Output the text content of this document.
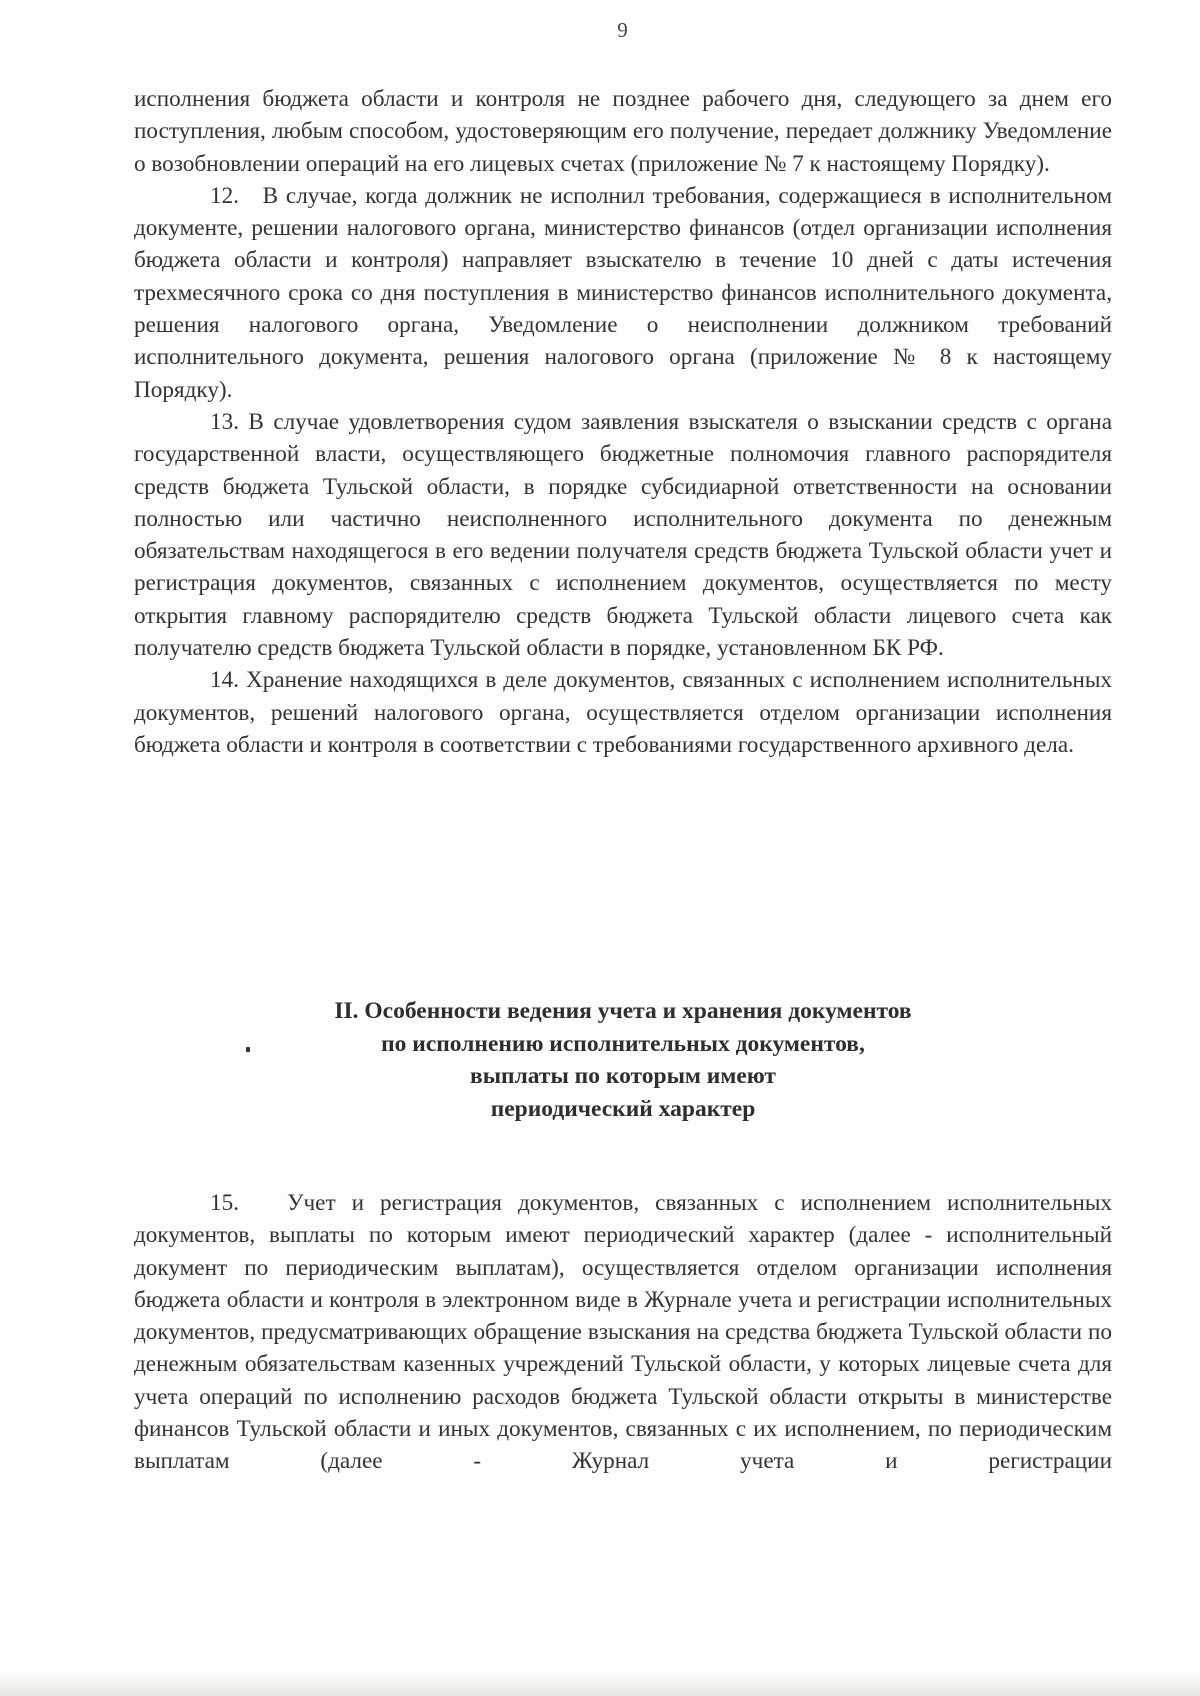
9

исполнения бюджета области и контроля не позднее рабочего дня, следующего за днем его поступления, любым способом, удостоверяющим его получение, передает должнику Уведомление о возобновлении операций на его лицевых счетах (приложение № 7 к настоящему Порядку).

12.   В случае, когда должник не исполнил требования, содержащиеся в исполнительном документе, решении налогового органа, министерство финансов (отдел организации исполнения бюджета области и контроля) направляет взыскателю в течение 10 дней с даты истечения трехмесячного срока со дня поступления в министерство финансов исполнительного документа, решения налогового органа, Уведомление о неисполнении должником требований исполнительного документа, решения налогового органа (приложение № 8 к настоящему Порядку).

13. В случае удовлетворения судом заявления взыскателя о взыскании средств с органа государственной власти, осуществляющего бюджетные полномочия главного распорядителя средств бюджета Тульской области, в порядке субсидиарной ответственности на основании полностью или частично неисполненного исполнительного документа по денежным обязательствам находящегося в его ведении получателя средств бюджета Тульской области учет и регистрация документов, связанных с исполнением документов, осуществляется по месту открытия главному распорядителю средств бюджета Тульской области лицевого счета как получателю средств бюджета Тульской области в порядке, установленном БК РФ.

14. Хранение находящихся в деле документов, связанных с исполнением исполнительных документов, решений налогового органа, осуществляется отделом организации исполнения бюджета области и контроля в соответствии с требованиями государственного архивного дела.

II. Особенности ведения учета и хранения документов
по исполнению исполнительных документов,
выплаты по которым имеют
периодический характер

15.   Учет и регистрация документов, связанных с исполнением исполнительных документов, выплаты по которым имеют периодический характер (далее - исполнительный документ по периодическим выплатам), осуществляется отделом организации исполнения бюджета области и контроля в электронном виде в Журнале учета и регистрации исполнительных документов, предусматривающих обращение взыскания на средства бюджета Тульской области по денежным обязательствам казенных учреждений Тульской области, у которых лицевые счета для учета операций по исполнению расходов бюджета Тульской области открыты в министерстве финансов Тульской области и иных документов, связанных с их исполнением, по периодическим выплатам (далее - Журнал учета и регистрации
